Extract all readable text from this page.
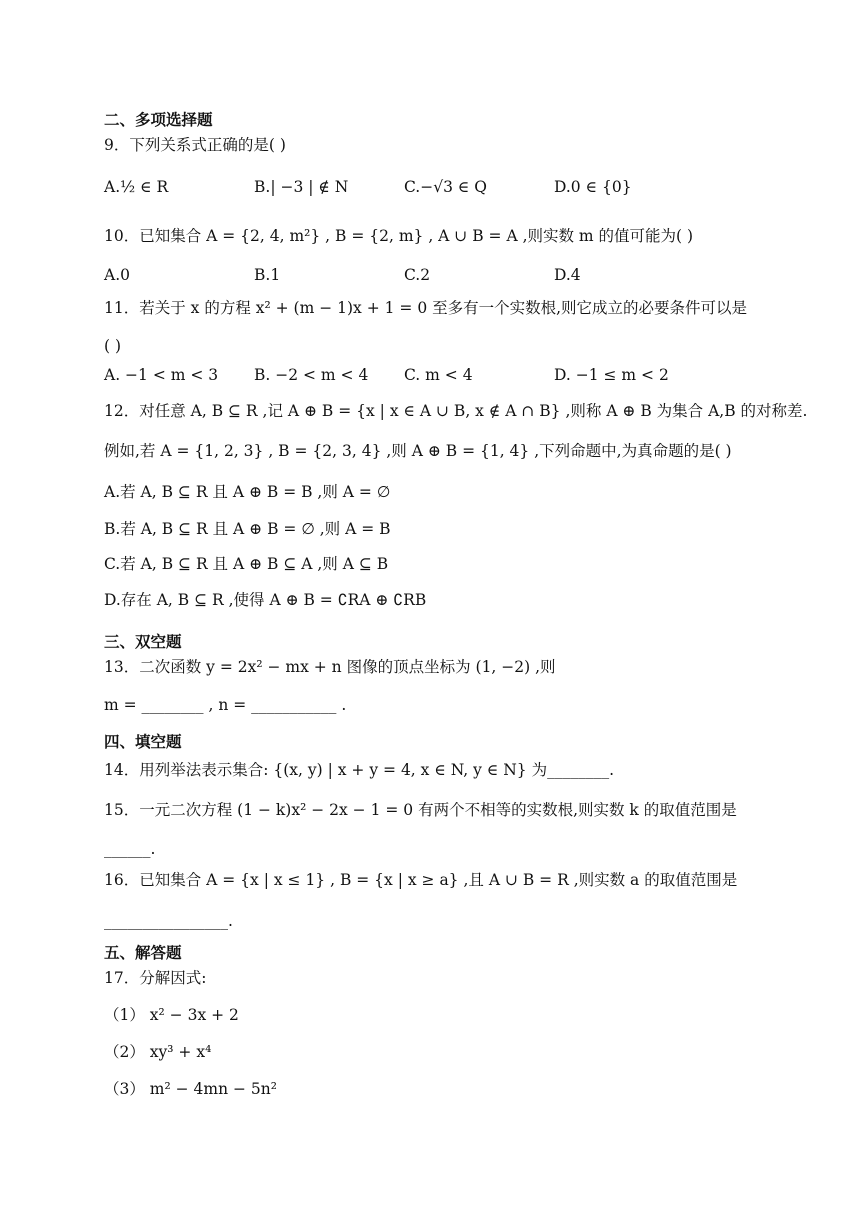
二、多项选择题
9．下列关系式正确的是( )
A.½ ∈ R	B.| −3 | ∉ N	C.−√3 ∈ Q	D.0 ∈ {0}
10．已知集合 A = {2, 4, m²} , B = {2, m} , A ∪ B = A ,则实数 m 的值可能为( )
A.0	B.1	C.2	D.4
11．若关于 x 的方程 x² + (m − 1)x + 1 = 0 至多有一个实数根,则它成立的必要条件可以是
( )
A. −1 < m < 3 B. −2 < m < 4 C. m < 4	D. −1 ≤ m < 2
12．对任意 A, B ⊆ R ,记 A ⊕ B = {x | x ∈ A ∪ B, x ∉ A ∩ B} ,则称 A ⊕ B 为集合 A,B 的对称差.
例如,若 A = {1, 2, 3} , B = {2, 3, 4} ,则 A ⊕ B = {1, 4} ,下列命题中,为真命题的是( )
A.若 A, B ⊆ R 且 A ⊕ B = B ,则 A = ∅
B.若 A, B ⊆ R 且 A ⊕ B = ∅ ,则 A = B
C.若 A, B ⊆ R 且 A ⊕ B ⊆ A ,则 A ⊆ B
D.存在 A, B ⊆ R ,使得 A ⊕ B = ∁RA ⊕ ∁RB
三、双空题
13．二次函数 y = 2x² − mx + n 图像的顶点坐标为 (1, −2) ,则
m = ________ , n = ___________ .
四、填空题
14．用列举法表示集合: {(x, y) | x + y = 4, x ∈ N, y ∈ N} 为________.
15．一元二次方程 (1 − k)x² − 2x − 1 = 0 有两个不相等的实数根,则实数 k 的取值范围是
______.
16．已知集合 A = {x | x ≤ 1} , B = {x | x ≥ a} ,且 A ∪ B = R ,则实数 a 的取值范围是
________________.
五、解答题
17．分解因式:
（1） x² − 3x + 2
（2） xy³ + x⁴
（3） m² − 4mn − 5n²
